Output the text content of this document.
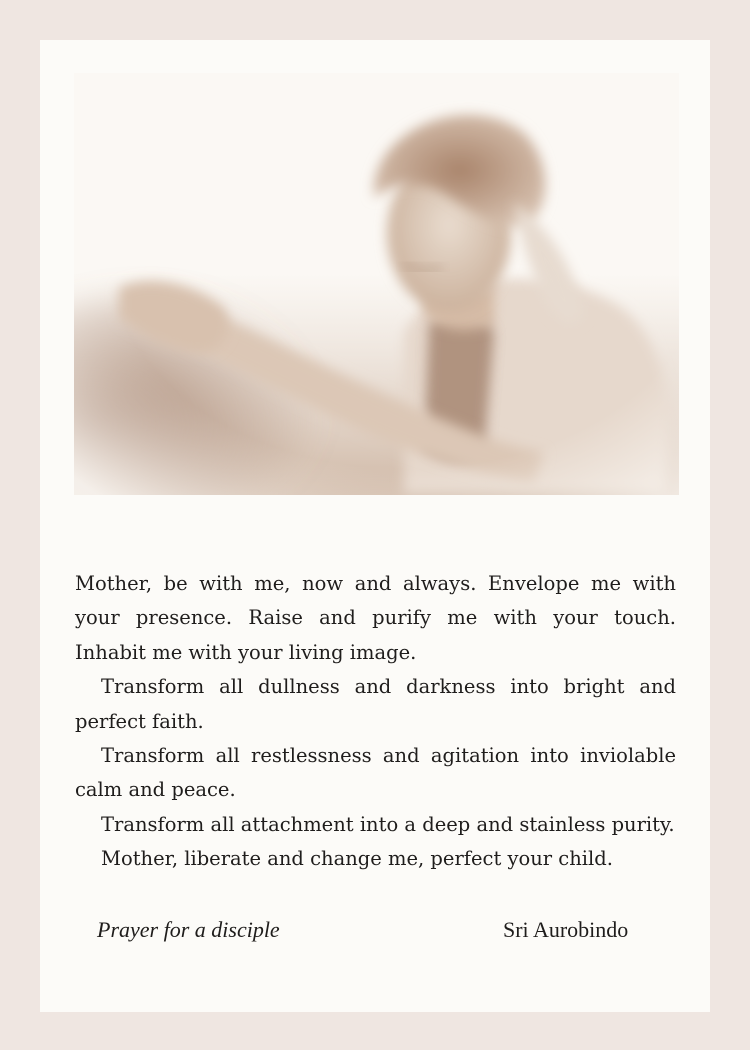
Mother, be with me, now and always. Envelope me with
your presence. Raise and purify me with your touch.
Inhabit me with your living image.

Transform all dullness and darkness into bright and
perfect faith.

Transform all restlessness and agitation into inviolable
calm and peace.

Transform all attachment into a deep and stainless purity.

Mother, liberate and change me, perfect your child.

Prayer for a disciple	Sri Aurobindo
